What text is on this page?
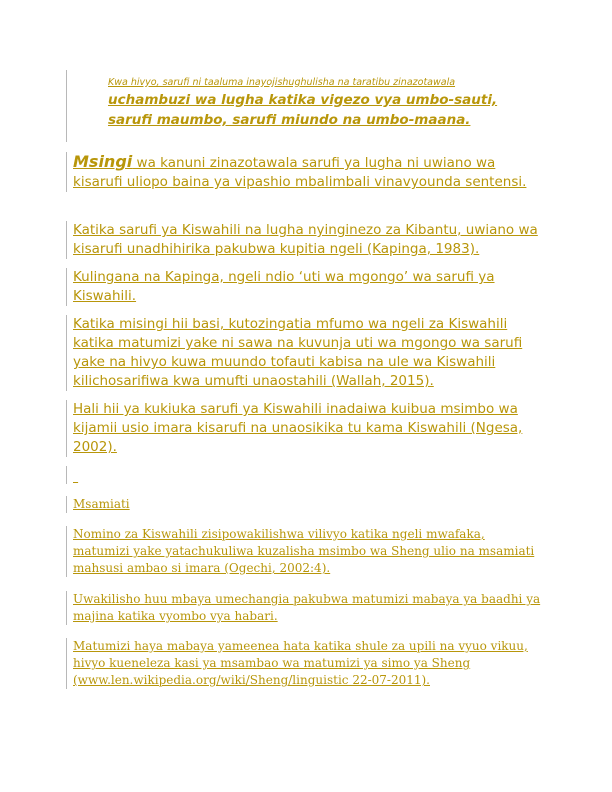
Kwa hivyo, sarufi ni taaluma inayojishughulisha na taratibu zinazotawala uchambuzi wa lugha katika vigezo vya umbo-sauti, sarufi maumbo, sarufi miundo na umbo-maana.

Msingi wa kanuni zinazotawala sarufi ya lugha ni uwiano wa kisarufi uliopo baina ya vipashio mbalimbali vinavyounda sentensi.

Katika sarufi ya Kiswahili na lugha nyinginezo za Kibantu, uwiano wa kisarufi unadhihirika pakubwa kupitia ngeli (Kapinga, 1983).

Kulingana na Kapinga, ngeli ndio ‘uti wa mgongo’ wa sarufi ya Kiswahili.

Katika misingi hii basi, kutozingatia mfumo wa ngeli za Kiswahili katika matumizi yake ni sawa na kuvunja uti wa mgongo wa sarufi yake na hivyo kuwa muundo tofauti kabisa na ule wa Kiswahili kilichosarifiwa kwa umufti unaostahili (Wallah, 2015).

Hali hii ya kukiuka sarufi ya Kiswahili inadaiwa kuibua msimbo wa kijamii usio imara kisarufi na unaosikika tu kama Kiswahili (Ngesa, 2002).

Msamiati

Nomino za Kiswahili zisipowakilishwa vilivyo katika ngeli mwafaka, matumizi yake yatachukuliwa kuzalisha msimbo wa Sheng ulio na msamiati mahsusi ambao si imara (Ogechi, 2002:4).

Uwakilisho huu mbaya umechangia pakubwa matumizi mabaya ya baadhi ya majina katika vyombo vya habari.

Matumizi haya mabaya yameenea hata katika shule za upili na vyuo vikuu, hivyo kueneleza kasi ya msambao wa matumizi ya simo ya Sheng (www.len.wikipedia.org/wiki/Sheng/linguistic 22-07-2011).
